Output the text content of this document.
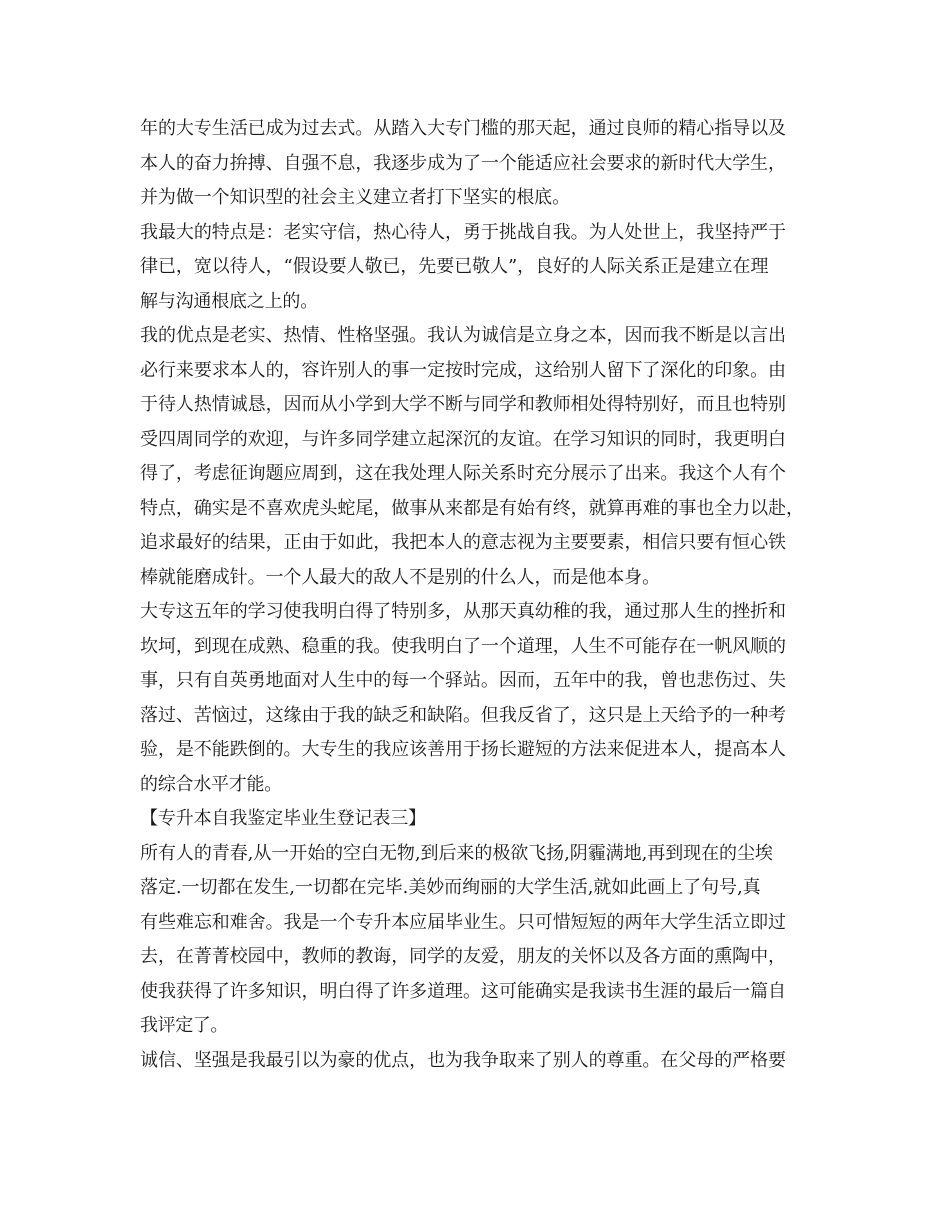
年的大专生活已成为过去式。从踏入大专门槛的那天起，通过良师的精心指导以及
本人的奋力拚搏、自强不息，我逐步成为了一个能适应社会要求的新时代大学生，
并为做一个知识型的社会主义建立者打下坚实的根底。
我最大的特点是：老实守信，热心待人，勇于挑战自我。为人处世上，我坚持严于
律已，宽以待人，“假设要人敬已，先要已敬人”，良好的人际关系正是建立在理
解与沟通根底之上的。
我的优点是老实、热情、性格坚强。我认为诚信是立身之本，因而我不断是以言出
必行来要求本人的，容许别人的事一定按时完成，这给别人留下了深化的印象。由
于待人热情诚恳，因而从小学到大学不断与同学和教师相处得特别好，而且也特别
受四周同学的欢迎，与许多同学建立起深沉的友谊。在学习知识的同时，我更明白
得了，考虑征询题应周到，这在我处理人际关系时充分展示了出来。我这个人有个
特点，确实是不喜欢虎头蛇尾，做事从来都是有始有终，就算再难的事也全力以赴，
追求最好的结果，正由于如此，我把本人的意志视为主要要素，相信只要有恒心铁
棒就能磨成针。一个人最大的敌人不是别的什么人，而是他本身。
大专这五年的学习使我明白得了特别多，从那天真幼稚的我，通过那人生的挫折和
坎坷，到现在成熟、稳重的我。使我明白了一个道理，人生不可能存在一帆风顺的
事，只有自英勇地面对人生中的每一个驿站。因而，五年中的我，曾也悲伤过、失
落过、苦恼过，这缘由于我的缺乏和缺陷。但我反省了，这只是上天给予的一种考
验，是不能跌倒的。大专生的我应该善用于扬长避短的方法来促进本人，提高本人
的综合水平才能。
【专升本自我鉴定毕业生登记表三】
所有人的青春,从一开始的空白无物,到后来的极欲飞扬,阴霾满地,再到现在的尘埃
落定.一切都在发生,一切都在完毕.美妙而绚丽的大学生活,就如此画上了句号,真
有些难忘和难舍。我是一个专升本应届毕业生。只可惜短短的两年大学生活立即过
去，在菁菁校园中，教师的教诲，同学的友爱，朋友的关怀以及各方面的熏陶中，
使我获得了许多知识，明白得了许多道理。这可能确实是我读书生涯的最后一篇自
我评定了。
诚信、坚强是我最引以为豪的优点，也为我争取来了别人的尊重。在父母的严格要
